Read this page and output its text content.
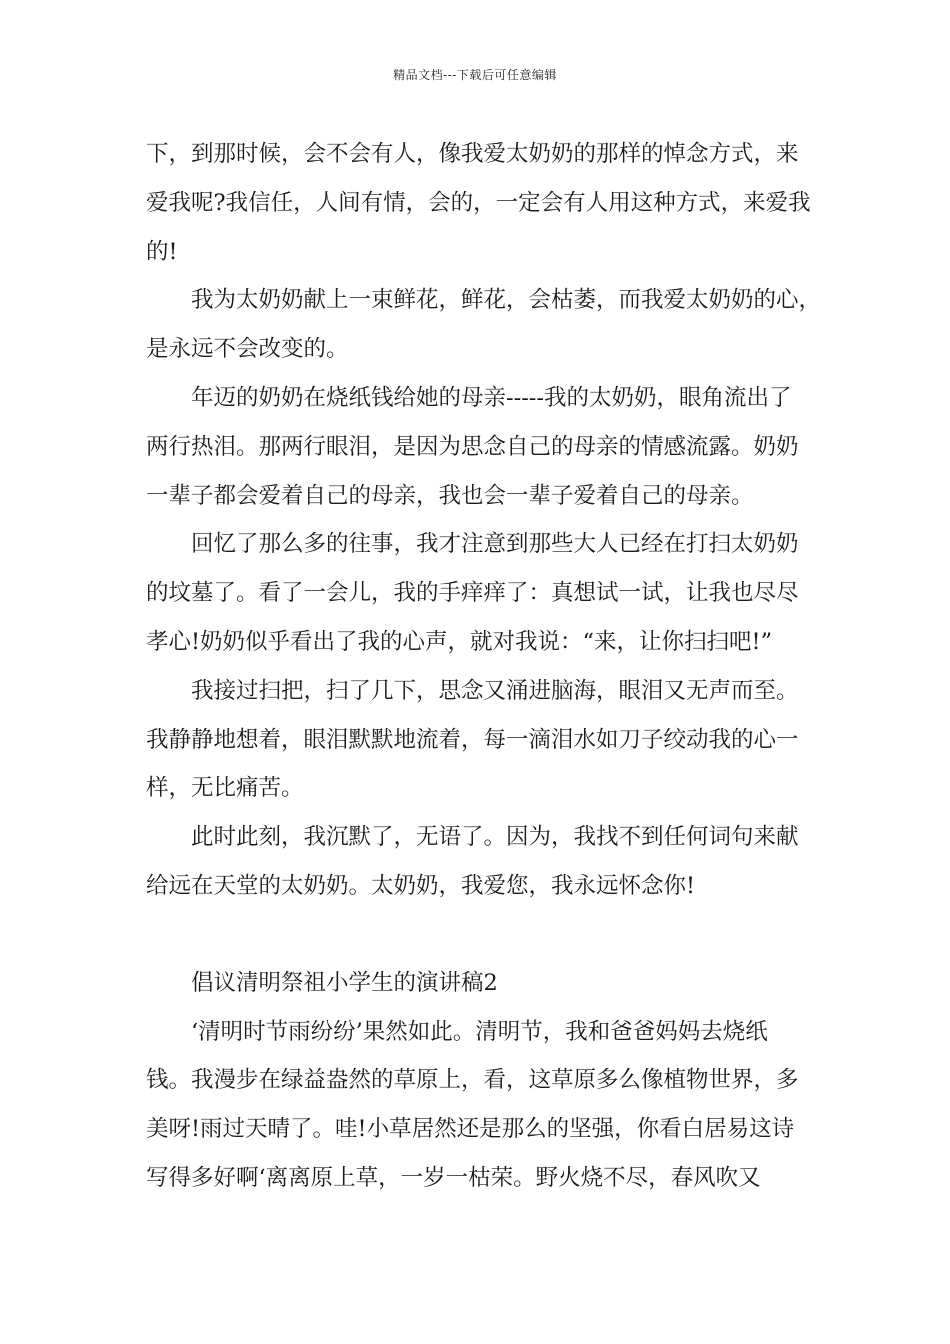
精品文档---下载后可任意编辑
下，到那时候，会不会有人，像我爱太奶奶的那样的悼念方式，来
爱我呢?我信任，人间有情，会的，一定会有人用这种方式，来爱我
的!
我为太奶奶献上一束鲜花，鲜花，会枯萎，而我爱太奶奶的心，
是永远不会改变的。
年迈的奶奶在烧纸钱给她的母亲-----我的太奶奶，眼角流出了
两行热泪。那两行眼泪，是因为思念自己的母亲的情感流露。奶奶
一辈子都会爱着自己的母亲，我也会一辈子爱着自己的母亲。
回忆了那么多的往事，我才注意到那些大人已经在打扫太奶奶
的坟墓了。看了一会儿，我的手痒痒了：真想试一试，让我也尽尽
孝心!奶奶似乎看出了我的心声，就对我说：“来，让你扫扫吧!”
我接过扫把，扫了几下，思念又涌进脑海，眼泪又无声而至。
我静静地想着，眼泪默默地流着，每一滴泪水如刀子绞动我的心一
样，无比痛苦。
此时此刻，我沉默了，无语了。因为，我找不到任何词句来献
给远在天堂的太奶奶。太奶奶，我爱您，我永远怀念你!
倡议清明祭祖小学生的演讲稿2
‘清明时节雨纷纷’果然如此。清明节，我和爸爸妈妈去烧纸
钱。我漫步在绿益盎然的草原上，看，这草原多么像植物世界，多
美呀!雨过天晴了。哇!小草居然还是那么的坚强，你看白居易这诗
写得多好啊‘离离原上草，一岁一枯荣。野火烧不尽，春风吹又
